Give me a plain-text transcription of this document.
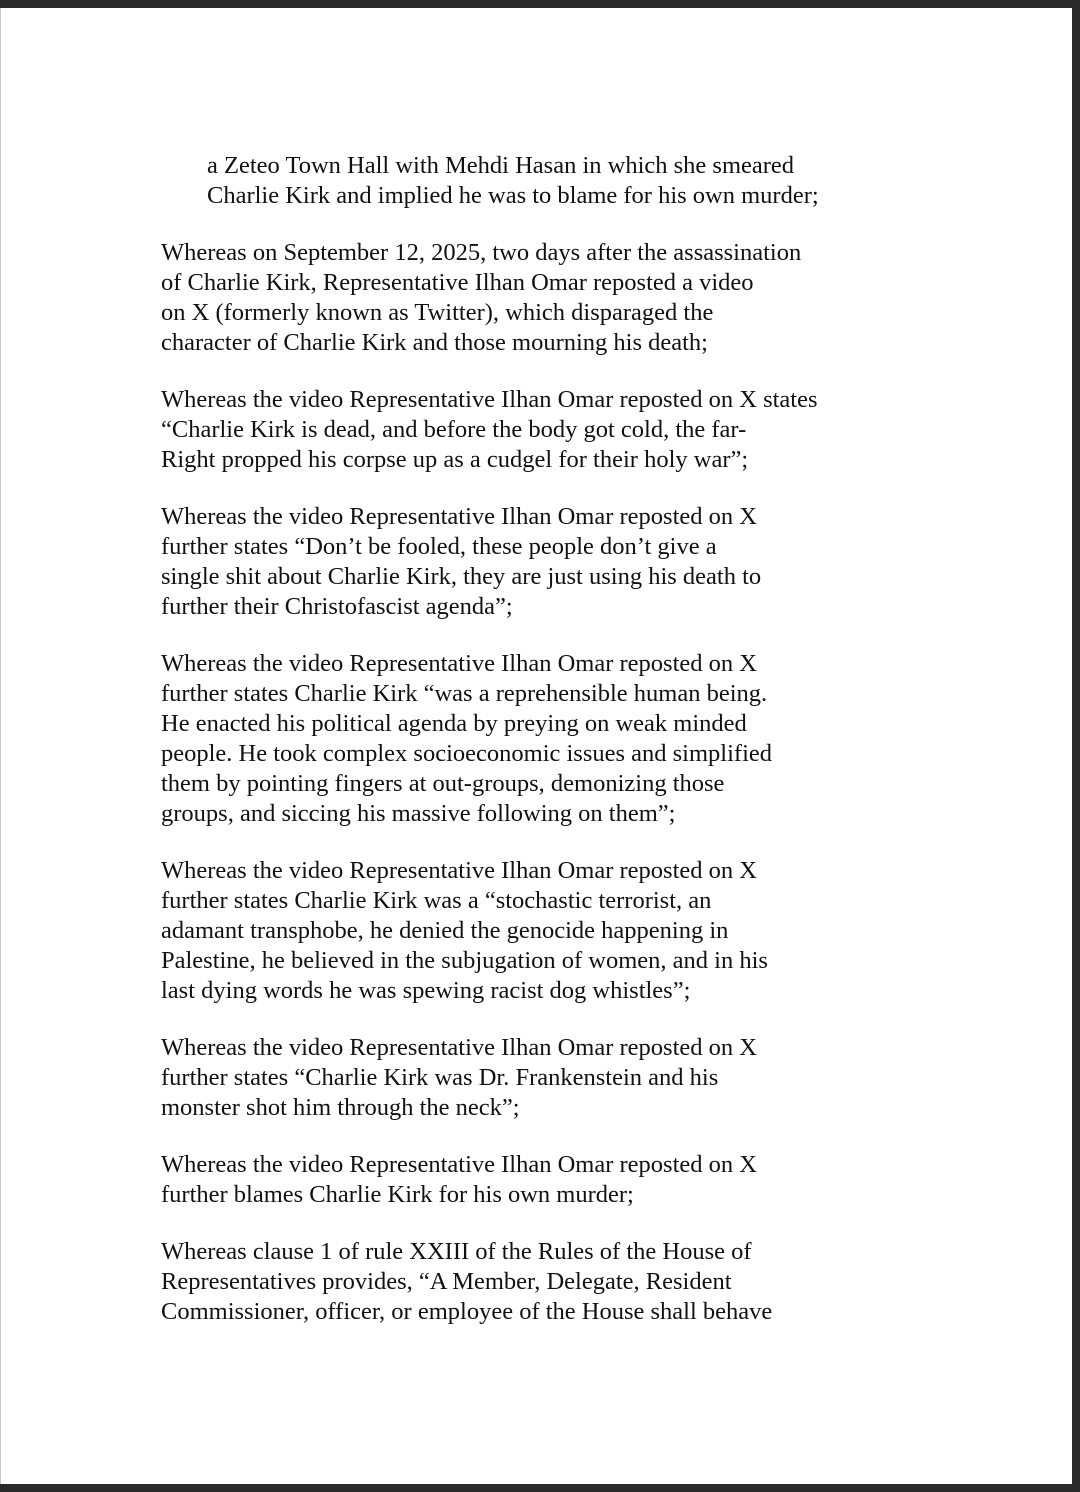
a Zeteo Town Hall with Mehdi Hasan in which she smeared
Charlie Kirk and implied he was to blame for his own murder;

Whereas on September 12, 2025, two days after the assassination
of Charlie Kirk, Representative Ilhan Omar reposted a video
on X (formerly known as Twitter), which disparaged the
character of Charlie Kirk and those mourning his death;

Whereas the video Representative Ilhan Omar reposted on X states
“Charlie Kirk is dead, and before the body got cold, the far-
Right propped his corpse up as a cudgel for their holy war”;

Whereas the video Representative Ilhan Omar reposted on X
further states “Don’t be fooled, these people don’t give a
single shit about Charlie Kirk, they are just using his death to
further their Christofascist agenda”;

Whereas the video Representative Ilhan Omar reposted on X
further states Charlie Kirk “was a reprehensible human being.
He enacted his political agenda by preying on weak minded
people. He took complex socioeconomic issues and simplified
them by pointing fingers at out-groups, demonizing those
groups, and siccing his massive following on them”;

Whereas the video Representative Ilhan Omar reposted on X
further states Charlie Kirk was a “stochastic terrorist, an
adamant transphobe, he denied the genocide happening in
Palestine, he believed in the subjugation of women, and in his
last dying words he was spewing racist dog whistles”;

Whereas the video Representative Ilhan Omar reposted on X
further states “Charlie Kirk was Dr. Frankenstein and his
monster shot him through the neck”;

Whereas the video Representative Ilhan Omar reposted on X
further blames Charlie Kirk for his own murder;

Whereas clause 1 of rule XXIII of the Rules of the House of
Representatives provides, “A Member, Delegate, Resident
Commissioner, officer, or employee of the House shall behave
